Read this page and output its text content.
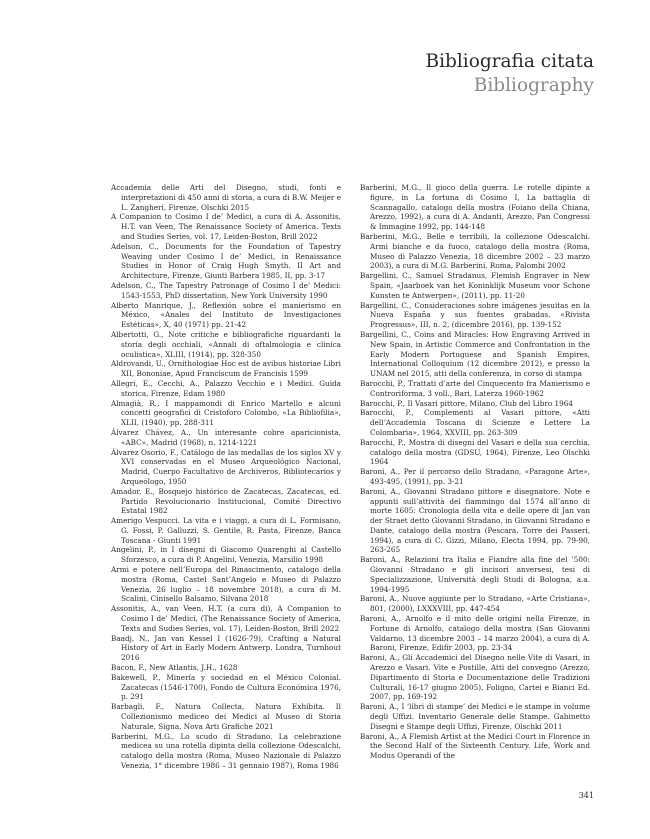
Bibliografia citata
Bibliography

Accademia delle Arti del Disegno, studi, fonti e interpretazioni di 450 anni di storia, a cura di B.W. Meijer e L. Zangheri, Firenze, Olschki 2015

A Companion to Cosimo I de’ Medici, a cura di A. Assonitis, H.T. van Veen, The Renaissance Society of America, Texts and Studies Series, vol. 17, Leiden-Boston, Brill 2022

Adelson, C., Documents for the Foundation of Tapestry Weaving under Cosimo I de’ Medici, in Renaissance Studies in Honor of Craig Hugh Smyth. II Art and Architecture, Firenze, Giunti Barbera 1985, II, pp. 3-17

Adelson, C., The Tapestry Patronage of Cosimo I de’ Medici: 1543-1553, PhD dissertation, New York University 1990

Alberto Manrique, J., Reflexión sobre el manierismo en México, «Anales del Instituto de Investigaciones Estéticas», X, 40 (1971) pp. 21-42

Albertotti, G., Note critiche e bibliografiche riguardanti la storia degli occhiali, «Annali di oftalmologia e clinica oculistica», XLIII, (1914), pp. 328-350

Aldrovandi, U., Ornithologiae Hoc est de avibus historiae Libri XII, Bononiae, Apud Franciscum de Francisis 1599

Allegri, E., Cecchi, A., Palazzo Vecchio e i Medici. Guida storica, Firenze, Edam 1980

Almagià, R., I mappamondi di Enrico Martello e alcuni concetti geografici di Cristoforo Colombo, «La Bibliofilia», XLII, (1940), pp. 288-311

Álvarez Chávez, A., Un interesante cobre aparicionista, «ABC», Madrid (1968), n. 1214-1221

Álvarez Osorio, F., Catálogo de las medallas de los siglos XV y XVI conservadas en el Museo Arqueológico Nacional, Madrid, Cuerpo Facultativo de Archiveros, Bibliotecarios y Arqueólogo, 1950

Amador, E., Bosquejo histórico de Zacatecas, Zacatecas, ed. Partido Revolucionario Institucional, Comité Directivo Estatal 1982

Amerigo Vespucci. La vita e i viaggi, a cura di L. Formisano, G. Fossi, P. Galluzzi, S. Gentile, R. Pasta, Firenze, Banca Toscana - Giunti 1991

Angelini, P., in I disegni di Giacomo Quarenghi al Castello Sforzesco, a cura di P. Angelini, Venezia, Marsilio 1998

Armi e potere nell’Europa del Rinascimento, catalogo della mostra (Roma, Castel Sant’Angelo e Museo di Palazzo Venezia, 26 luglio – 18 novembre 2018), a cura di M. Scalini, Cinisello Balsamo, Silvana 2018

Assonitis, A., van Veen, H.T. (a cura di), A Companion to Cosimo I de’ Medici, (The Renaissance Society of America, Texts and Sudies Series, vol. 17), Leiden-Boston, Brill 2022

Baadj, N., Jan van Kessel I (1626-79), Crafting a Natural History of Art in Early Modern Antwerp, Londra, Turnhout 2016

Bacon, F., New Atlantis, J.H., 1628

Bakewell, P., Minería y sociedad en el México Colonial. Zacatecas (1546-1700), Fondo de Cultura Económica 1976, p. 291

Barbagli, F., Natura Collecta, Natura Exhibita. Il Collezionismo mediceo dei Medici al Museo di Storia Naturale, Signa, Nova Arti Grafiche 2021

Barberini, M.G., Lo scudo di Stradano. La celebrazione medicea su una rotella dipinta della collezione Odescalchi, catalogo della mostra (Roma, Museo Nazionale di Palazzo Venezia, 1° dicembre 1986 – 31 gennaio 1987), Roma 1986

Barberini, M.G., Il gioco della guerra. Le rotelle dipinte a figure, in La fortuna di Cosimo I, La battaglia di Scannagallo, catalogo della mostra (Foiano della Chiana, Arezzo, 1992), a cura di A. Andanti, Arezzo, Pan Congressi & Immagine 1992, pp. 144-148

Barberini, M.G., Belle e terribili, la collezione Odescalchi. Armi bianche e da fuoco, catalogo della mostra (Roma, Museo di Palazzo Venezia, 18 dicembre 2002 – 23 marzo 2003), a cura di M.G. Barberini, Roma, Palombi 2002

Bargellini, C., Samuel Stradanus, Flemish Engraver in New Spain, «Jaarboek van het Koninklijk Museum voor Schone Kunsten te Antwerpen», (2011), pp. 11-20

Bargellini, C., Consideraciones sobre imágenes jesuitas en la Nueva España y sus fuentes grabadas, «Rivista Progressus», III, n. 2, (dicembre 2016), pp. 139-152

Bargellini, C., Coins and Miracles: How Engraving Arrived in New Spain, in Artistic Commerce and Confrontation in the Early Modern Portuguese and Spanish Empires, International Colloquium (12 dicembre 2012), e presso la UNAM nel 2015, atti della conferenza, in corso di stampa

Barocchi, P., Trattati d’arte del Cinquecento fra Manierismo e Controriforma, 3 voll., Bari, Laterza 1960-1962

Barocchi, P., Il Vasari pittore, Milano, Club del Libro 1964

Barocchi, P., Complementi al Vasari pittore, «Atti dell’Accademia Toscana di Scienze e Lettere La Colombaria», 1964, XXVIII, pp. 263-309

Barocchi, P., Mostra di disegni del Vasari e della sua cerchia, catalogo della mostra (GDSU, 1964), Firenze, Leo Olschki 1964

Baroni, A., Per il percorso dello Stradano, «Paragone Arte», 493-495, (1991), pp. 3-21

Baroni, A., Giovanni Stradano pittore e disegnatore. Note e appunti sull’attività del fiammingo dal 1574 all’anno di morte 1605: Cronologia della vita e delle opere di Jan van der Straet detto Giovanni Stradano, in Giovanni Stradano e Dante, catalogo della mostra (Pescara, Torre dei Passeri, 1994), a cura di C. Gizzi, Milano, Electa 1994, pp. 79-90, 263-265

Baroni, A., Relazioni tra Italia e Fiandre alla fine del ’500: Giovanni Stradano e gli incisori anversesi, tesi di Specializzazione, Università degli Studi di Bologna, a.a. 1994-1995

Baroni, A., Nuove aggiunte per lo Stradano, «Arte Cristiana», 801, (2000), LXXXVIII, pp. 447-454

Baroni, A., Arnolfo e il mito delle origini nella Firenze, in Fortune di Arnolfo, catalogo della mostra (San Giovanni Valdarno, 13 dicembre 2003 – 14 marzo 2004), a cura di A. Baroni, Firenze, Edifir 2003, pp. 23-34

Baroni, A., Gli Accademici del Disegno nelle Vite di Vasari, in Arezzo e Vasari. Vite e Postille, Atti del convegno (Arezzo, Dipartimento di Storia e Documentazione delle Tradizioni Culturali, 16-17 giugno 2005), Foligno, Cartei e Bianci Ed. 2007, pp. 169-192

Baroni, A., I ‘libri di stampe’ dei Medici e le stampe in volume degli Uffizi. Inventario Generale delle Stampe. Gabinetto Disegni e Stampe degli Uffizi, Firenze, Olschki 2011

Baroni, A., A Flemish Artist at the Medici Court in Florence in the Second Half of the Sixteenth Century. Life, Work and Modus Operandi of the

341
